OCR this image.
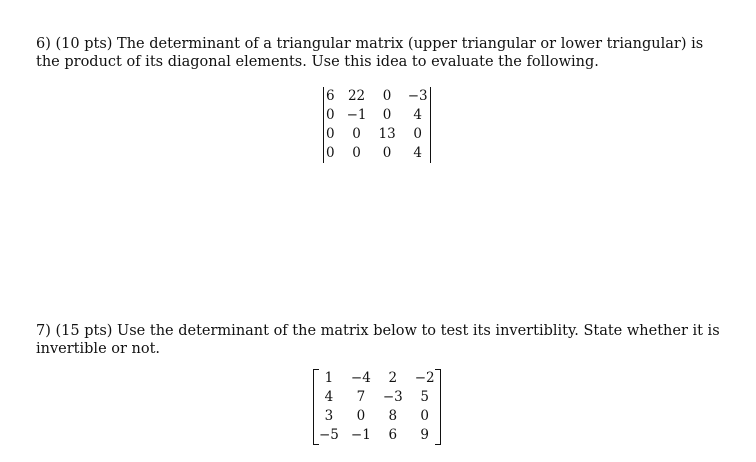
6) (10 pts) The determinant of a triangular matrix (upper triangular or lower triangular) is the product of its diagonal elements. Use this idea to evaluate the following.

6	22	0	−3
0	−1	0	4
0	0	13	0
0	0	0	4

7) (15 pts) Use the determinant of the matrix below to test its invertiblity. State whether it is invertible or not.

1	−4	2	−2
4	7	−3	5
3	0	8	0
−5	−1	6	9
